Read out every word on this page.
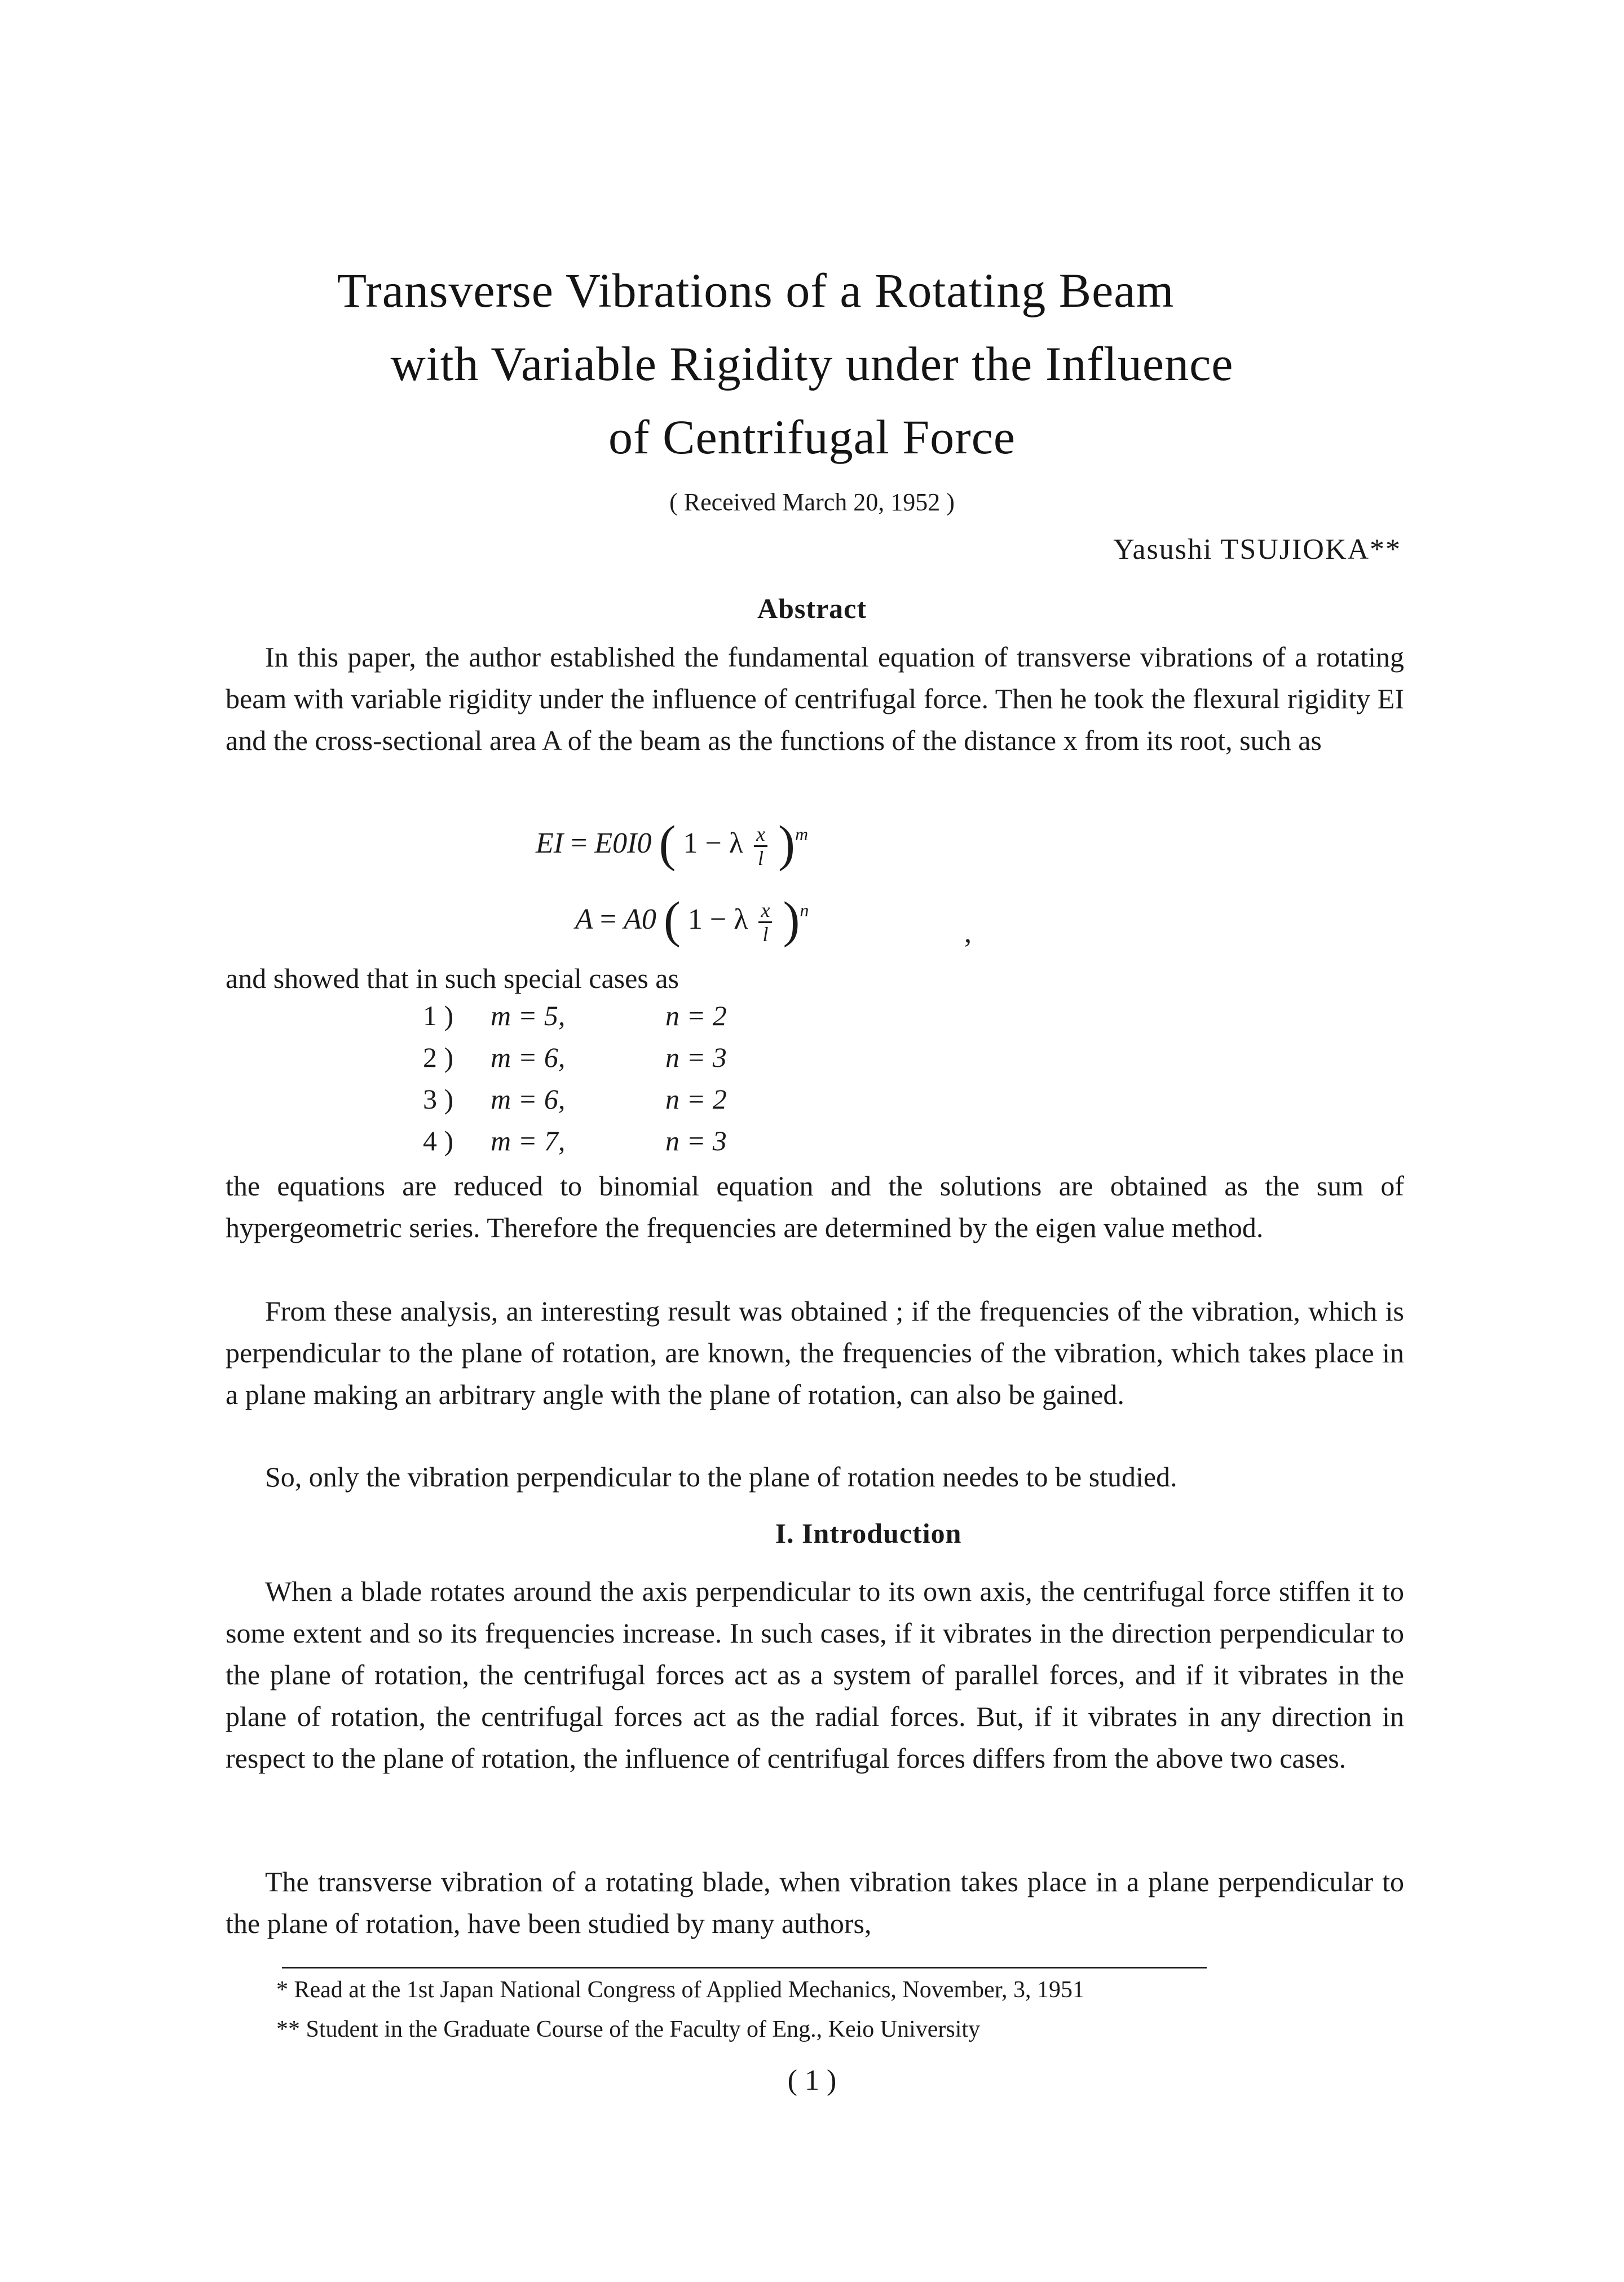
Transverse Vibrations of a Rotating Beam
with Variable Rigidity under the Influence
of Centrifugal Force
( Received March 20, 1952 )
Yasushi TSUJIOKA**
Abstract
In this paper, the author established the fundamental equation of transverse vibrations of a rotating beam with variable rigidity under the influence of centrifugal force. Then he took the flexural rigidity EI and the cross-sectional area A of the beam as the functions of the distance x from its root, such as
EI = E0I0 ( 1 − λ $\frac{x}{l} )^m$
A = A0 ( 1 − λ $\frac{x}{l} )^n$
,
and showed that in such special cases as
1 ) m = 5,	n = 2
2 ) m = 6,	n = 3
3 ) m = 6,	n = 2
4 ) m = 7,	n = 3
the equations are reduced to binomial equation and the solutions are obtained as the sum of hypergeometric series. Therefore the frequencies are determined by the eigen value method.
From these analysis, an interesting result was obtained ; if the frequencies of the vibration, which is perpendicular to the plane of rotation, are known, the frequencies of the vibration, which takes place in a plane making an arbitrary angle with the plane of rotation, can also be gained.
So, only the vibration perpendicular to the plane of rotation needes to be studied.
I. Introduction
When a blade rotates around the axis perpendicular to its own axis, the centrifugal force stiffen it to some extent and so its frequencies increase. In such cases, if it vibrates in the direction perpendicular to the plane of rotation, the centrifugal forces act as a system of parallel forces, and if it vibrates in the plane of rotation, the centrifugal forces act as the radial forces. But, if it vibrates in any direction in respect to the plane of rotation, the influence of centrifugal forces differs from the above two cases.
The transverse vibration of a rotating blade, when vibration takes place in a plane perpendicular to the plane of rotation, have been studied by many authors,
* Read at the 1st Japan National Congress of Applied Mechanics, November, 3, 1951
** Student in the Graduate Course of the Faculty of Eng., Keio University
( 1 )
